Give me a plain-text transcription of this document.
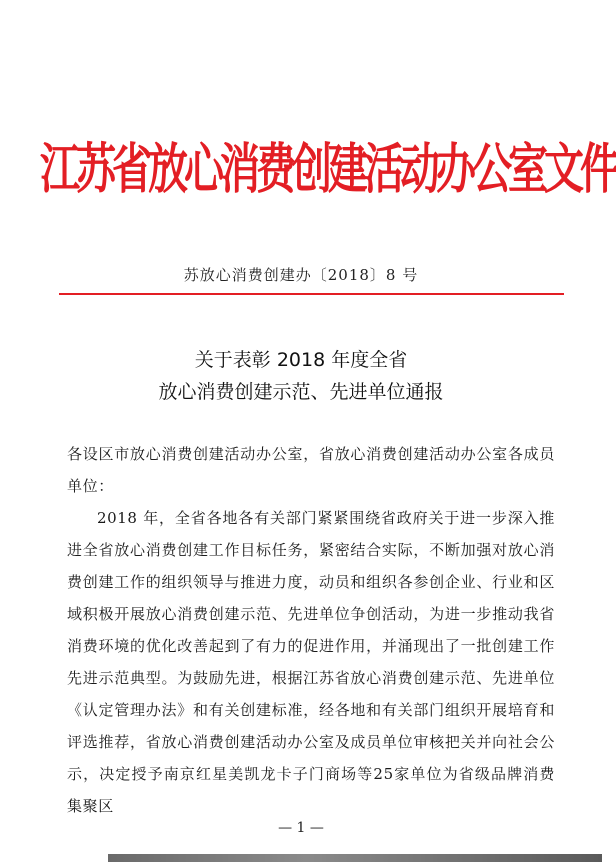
江苏省放心消费创建活动办公室文件
苏放心消费创建办〔2018〕8 号
关于表彰 2018 年度全省
放心消费创建示范、先进单位通报

各设区市放心消费创建活动办公室，省放心消费创建活动办公室各成员单位：

2018 年，全省各地各有关部门紧紧围绕省政府关于进一步深入推进全省放心消费创建工作目标任务，紧密结合实际，不断加强对放心消费创建工作的组织领导与推进力度，动员和组织各参创企业、行业和区域积极开展放心消费创建示范、先进单位争创活动，为进一步推动我省消费环境的优化改善起到了有力的促进作用，并涌现出了一批创建工作先进示范典型。为鼓励先进，根据江苏省放心消费创建示范、先进单位《认定管理办法》和有关创建标准，经各地和有关部门组织开展培育和评选推荐，省放心消费创建活动办公室及成员单位审核把关并向社会公示，决定授予南京红星美凯龙卡子门商场等25家单位为省级品牌消费集聚区

— 1 —
